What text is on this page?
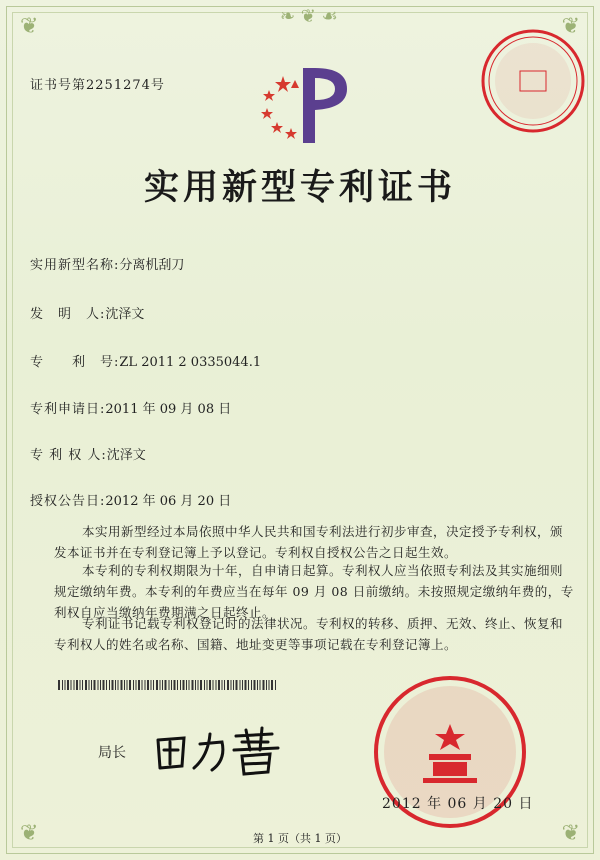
❦	❦
❦	❦
❧ ❦ ☙
证书号第2251274号
实用新型专利证书
实用新型名称:分离机刮刀
发　明　人:沈泽文
专　　利　号:ZL 2011 2 0335044.1
专利申请日:2011 年 09 月 08 日
专 利 权 人:沈泽文
授权公告日:2012 年 06 月 20 日

本实用新型经过本局依照中华人民共和国专利法进行初步审查，决定授予专利权，颁发本证书并在专利登记簿上予以登记。专利权自授权公告之日起生效。

本专利的专利权期限为十年，自申请日起算。专利权人应当依照专利法及其实施细则规定缴纳年费。本专利的年费应当在每年 09 月 08 日前缴纳。未按照规定缴纳年费的，专利权自应当缴纳年费期满之日起终止。

专利证书记载专利权登记时的法律状况。专利权的转移、质押、无效、终止、恢复和专利权人的姓名或名称、国籍、地址变更等事项记载在专利登记簿上。

局长
2012 年 06 月 20 日
第 1 页（共 1 页）
